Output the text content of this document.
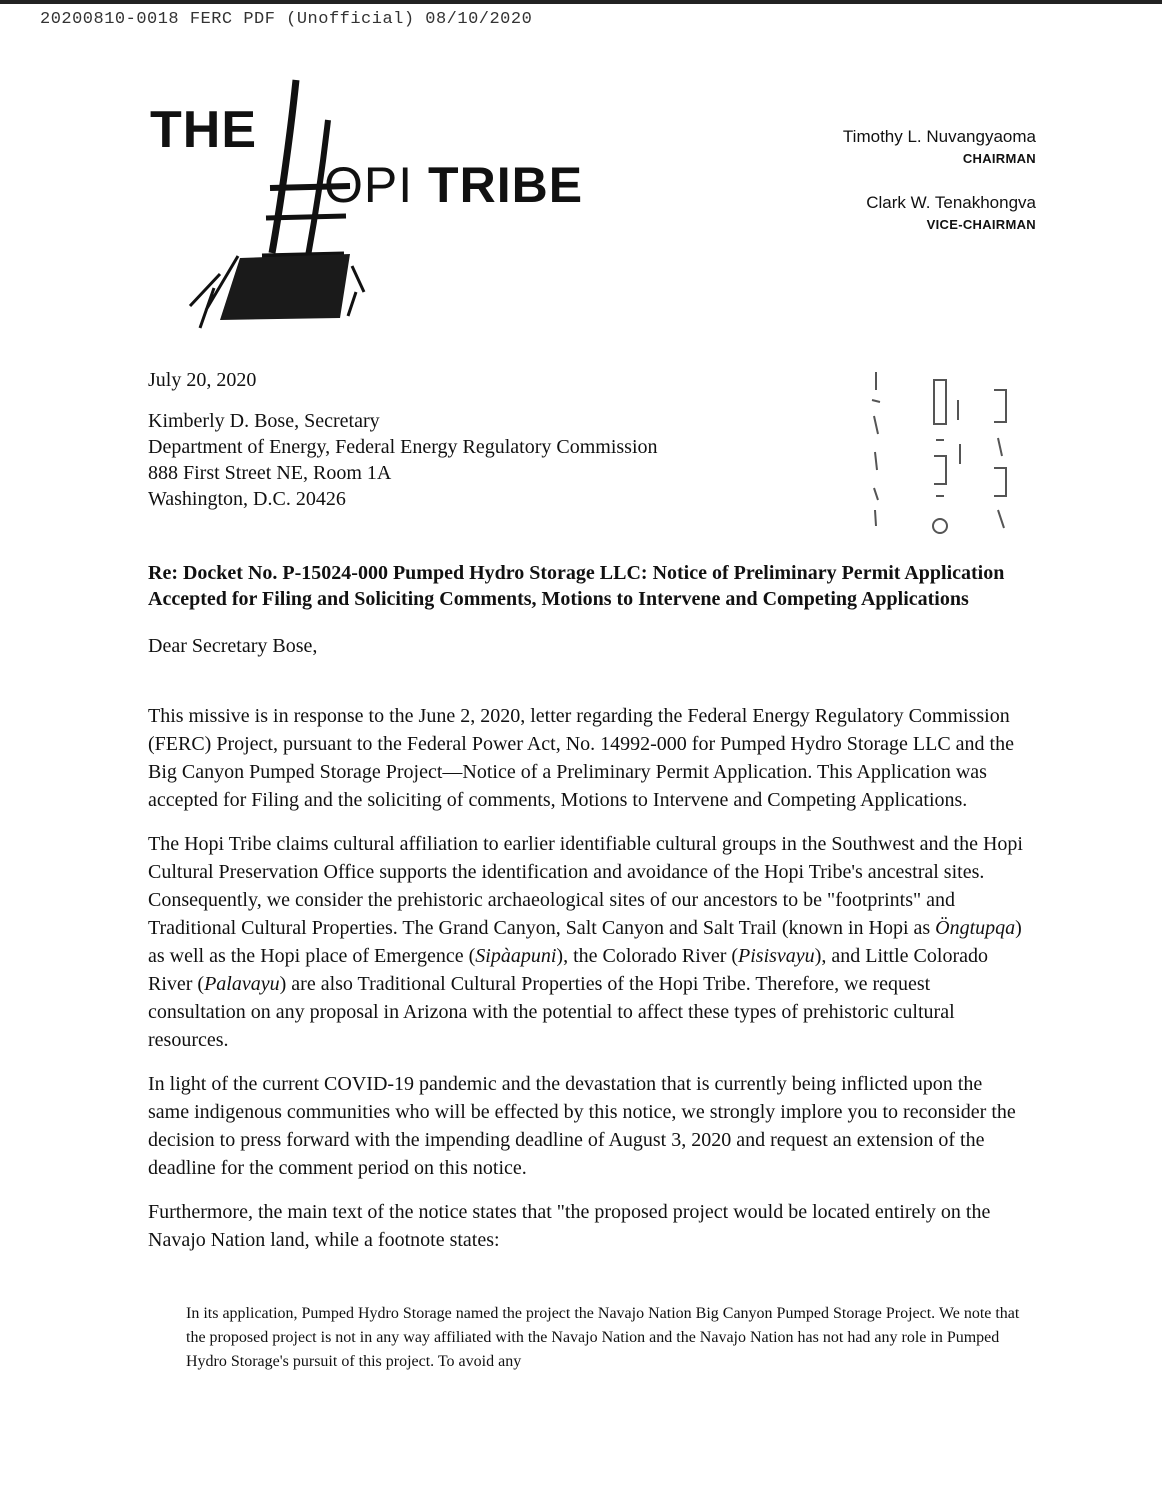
20200810-0018 FERC PDF (Unofficial) 08/10/2020
THE
OPI TRIBE
Timothy L. Nuvangyaoma
CHAIRMAN
Clark W. Tenakhongva
VICE-CHAIRMAN
July 20, 2020
Kimberly D. Bose, Secretary
Department of Energy, Federal Energy Regulatory Commission
888 First Street NE, Room 1A
Washington, D.C. 20426
Re: Docket No. P-15024-000 Pumped Hydro Storage LLC: Notice of Preliminary Permit Application Accepted for Filing and Soliciting Comments, Motions to Intervene and Competing Applications
Dear Secretary Bose,

This missive is in response to the June 2, 2020, letter regarding the Federal Energy Regulatory Commission (FERC) Project, pursuant to the Federal Power Act, No. 14992-000 for Pumped Hydro Storage LLC and the Big Canyon Pumped Storage Project—Notice of a Preliminary Permit Application. This Application was accepted for Filing and the soliciting of comments, Motions to Intervene and Competing Applications.

The Hopi Tribe claims cultural affiliation to earlier identifiable cultural groups in the Southwest and the Hopi Cultural Preservation Office supports the identification and avoidance of the Hopi Tribe's ancestral sites. Consequently, we consider the prehistoric archaeological sites of our ancestors to be "footprints" and Traditional Cultural Properties. The Grand Canyon, Salt Canyon and Salt Trail (known in Hopi as Öngtupqa) as well as the Hopi place of Emergence (Sipàapuni), the Colorado River (Pisisvayu), and Little Colorado River (Palavayu) are also Traditional Cultural Properties of the Hopi Tribe. Therefore, we request consultation on any proposal in Arizona with the potential to affect these types of prehistoric cultural resources.

In light of the current COVID-19 pandemic and the devastation that is currently being inflicted upon the same indigenous communities who will be effected by this notice, we strongly implore you to reconsider the decision to press forward with the impending deadline of August 3, 2020 and request an extension of the deadline for the comment period on this notice.

Furthermore, the main text of the notice states that "the proposed project would be located entirely on the Navajo Nation land, while a footnote states:

In its application, Pumped Hydro Storage named the project the Navajo Nation Big Canyon Pumped Storage Project. We note that the proposed project is not in any way affiliated with the Navajo Nation and the Navajo Nation has not had any role in Pumped Hydro Storage's pursuit of this project. To avoid any
